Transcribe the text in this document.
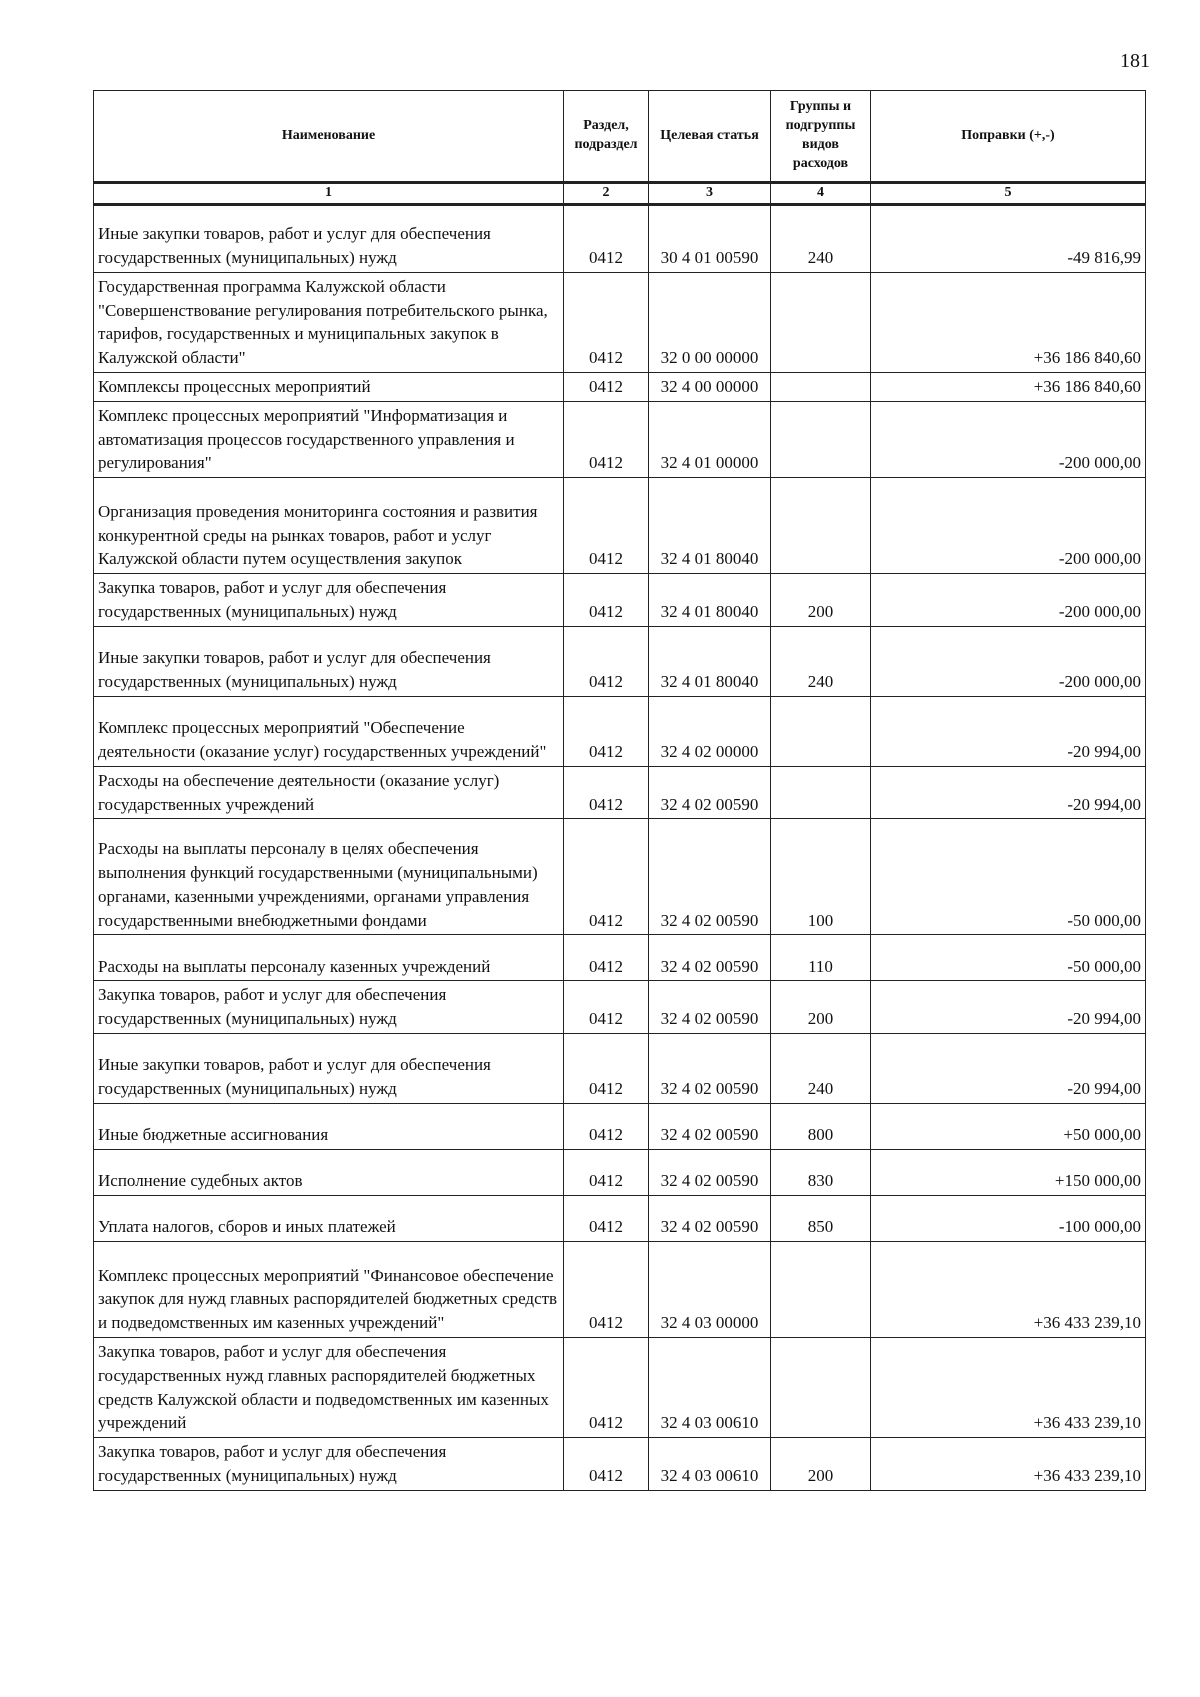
181
Наименование	Раздел, подраздел	Целевая статья	Группы и подгруппы видов расходов	Поправки (+,-)
1	2	3	4	5
Иные закупки товаров, работ и услуг для обеспечения государственных (муниципальных) нужд	0412	30 4 01 00590	240	-49 816,99
Государственная программа Калужской области "Совершенствование регулирования потребительского рынка, тарифов, государственных и муниципальных закупок в Калужской области"	0412	32 0 00 00000		+36 186 840,60
Комплексы процессных мероприятий	0412	32 4 00 00000		+36 186 840,60
Комплекс процессных мероприятий "Информатизация и автоматизация процессов государственного управления и регулирования"	0412	32 4 01 00000		-200 000,00
Организация проведения мониторинга состояния и развития конкурентной среды на рынках товаров, работ и услуг Калужской области путем осуществления закупок	0412	32 4 01 80040		-200 000,00
Закупка товаров, работ и услуг для обеспечения государственных (муниципальных) нужд	0412	32 4 01 80040	200	-200 000,00
Иные закупки товаров, работ и услуг для обеспечения государственных (муниципальных) нужд	0412	32 4 01 80040	240	-200 000,00
Комплекс процессных мероприятий "Обеспечение деятельности (оказание услуг) государственных учреждений"	0412	32 4 02 00000		-20 994,00
Расходы на обеспечение деятельности (оказание услуг) государственных учреждений	0412	32 4 02 00590		-20 994,00
Расходы на выплаты персоналу в целях обеспечения выполнения функций государственными (муниципальными) органами, казенными учреждениями, органами управления государственными внебюджетными фондами	0412	32 4 02 00590	100	-50 000,00
Расходы на выплаты персоналу казенных учреждений	0412	32 4 02 00590	110	-50 000,00
Закупка товаров, работ и услуг для обеспечения государственных (муниципальных) нужд	0412	32 4 02 00590	200	-20 994,00
Иные закупки товаров, работ и услуг для обеспечения государственных (муниципальных) нужд	0412	32 4 02 00590	240	-20 994,00
Иные бюджетные ассигнования	0412	32 4 02 00590	800	+50 000,00
Исполнение судебных актов	0412	32 4 02 00590	830	+150 000,00
Уплата налогов, сборов и иных платежей	0412	32 4 02 00590	850	-100 000,00
Комплекс процессных мероприятий "Финансовое обеспечение закупок для нужд главных распорядителей бюджетных средств и подведомственных им казенных учреждений"	0412	32 4 03 00000		+36 433 239,10
Закупка товаров, работ и услуг для обеспечения государственных нужд главных распорядителей бюджетных средств Калужской области и подведомственных им казенных учреждений	0412	32 4 03 00610		+36 433 239,10
Закупка товаров, работ и услуг для обеспечения государственных (муниципальных) нужд	0412	32 4 03 00610	200	+36 433 239,10
